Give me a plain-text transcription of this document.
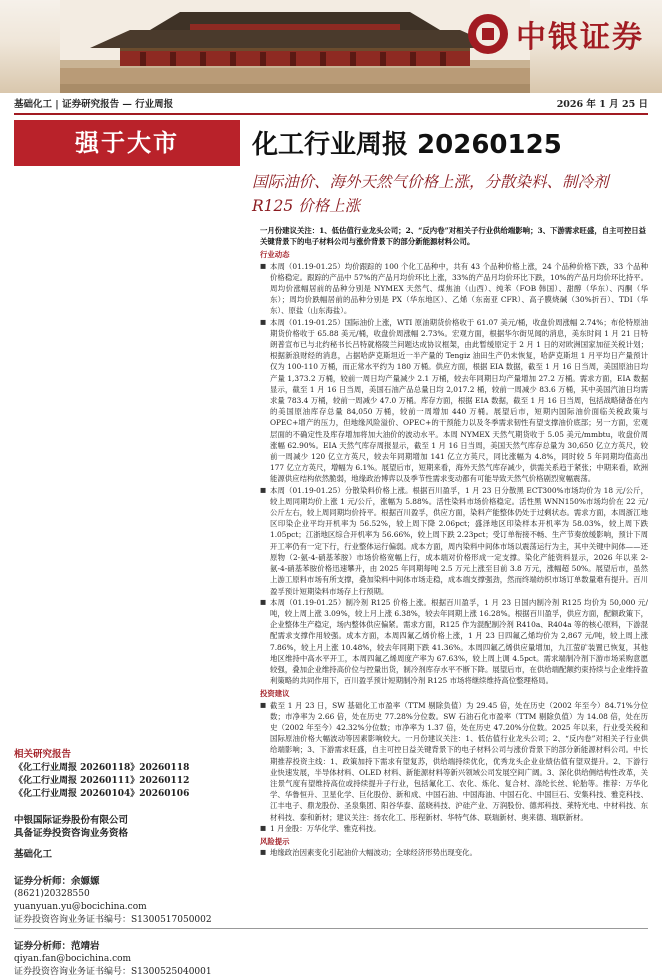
中银证券
基础化工 | 证券研究报告 — 行业周报	2026 年 1 月 25 日
强于大市	化工行业周报 20260125
国际油价、海外天然气价格上涨，分散染料、制冷剂 R125 价格上涨

一月份建议关注：1、低估值行业龙头公司；2、“反内卷”对相关子行业供给端影响；3、下游需求旺盛，自主可控日益关键背景下的电子材料公司与涨价背景下的部分新能源材料公司。

行业动态

■ 本周（01.19-01.25）均价跟踪的 100 个化工品种中，共有 43 个品种价格上涨，24 个品种价格下跌，33 个品种价格稳定。跟踪的产品中 57%的产品月均价环比上涨，33%的产品月均价环比下跌，10%的产品月均价环比持平。周均价涨幅居前的品种分别是 NYMEX 天然气、煤焦油（山西）、纯苯（FOB 韩国）、甜醇（华东）、丙酮（华东）；周均价跌幅居前的品种分别是 PX（华东地区）、乙烯（东南亚 CFR）、高子膜烧碱（30%折百）、TDI（华东）、原盐（山东海盐）。

■ 本周（01.19-01.25）国际油价上涨，WTI 原油期货价格收于 61.07 美元/桶，收盘价周涨幅 2.74%；布伦特原油期货价格收于 65.88 美元/桶，收盘价周涨幅 2.73%。宏观方面，根据华尔街见闻的消息，美东时间 1 月 21 日特朗普宣布已与北约秘书长吕特就格陵兰问题达成协议框架，由此暂缓原定于 2 月 1 日的对欧洲国家加征关税计划；根据新浪财经的消息，占据哈萨克斯坦近一半产量的 Tengiz 油田生产仍未恢复，哈萨克斯坦 1 月平均日产量预计仅为 100-110 万桶，而正常水平约为 180 万桶。供应方面，根据 EIA 数据，截至 1 月 16 日当周，美国原油日均产量 1,373.2 万桶，较前一周日均产量减少 2.1 万桶，较去年同期日均产量增加 27.2 万桶。需求方面，EIA 数据显示，截至 1 月 16 日当周，美国石油产品总量日均 2,017.2 桶，较前一周减少 83.6 万桶，其中美国汽油日均需求量 783.4 万桶，较前一周减少 47.0 万桶。库存方面，根据 EIA 数据，截至 1 月 16 日当周，包括战略储备在内的美国原油库存总量 84,050 万桶，较前一周增加 440 万桶。展望后市，短期内国际油价面临关税政策与 OPEC+增产的压力，但地缘风险溢价、OPEC+的干预能力以及冬季需求韧性有望支撑油价底部；另一方面，宏观层面的不确定性及库存增加将加大油价的波动水平。本周 NYMEX 天然气期货收于 5.05 美元/mmbtu，收盘价周涨幅 62.90%。EIA 天然气库存周报显示，截至 1 月 16 日当周，美国天然气库存总量为 30,650 亿立方英尺，较前一周减少 120 亿立方英尺，较去年同期增加 141 亿立方英尺，同比涨幅为 4.8%，同时较 5 年同期均值高出 177 亿立方英尺，增幅为 6.1%。展望后市，短期来看，海外天然气库存减少，供需关系趋于紧张；中期来看，欧洲能源供应结构依然脆弱，地缘政治博弈以及季节性需求变动都有可能导致天然气价格剧烈宽幅震荡。

■ 本周（01.19-01.25）分散染料价格上涨。根据百川盈孚，1 月 23 日分散黑 ECT300%市场均价为 18 元/公斤，较上周同期均价上涨 1 元/公斤，涨幅为 5.88%。活性染料市场价格稳定。活性黑 WNN150%市场均价在 22 元/公斤左右，较上周同期均价持平。根据百川盈孚，供应方面，染料产能整体仍处于过剩状态。需求方面，本周浙江地区印染企业平均开机率为 56.52%，较上周下降 2.06pct；盛泽地区印染样本开机率为 58.03%，较上周下跌 1.05pct；江浙地区综合开机率为 56.66%，较上周下跌 2.23pct；受订单衔接不畅、生产节奏放缓影响，预计下周开工率仍有一定下行，行业整体运行偏弱。成本方面，周内染料中间体市场以震荡运行为主，其中关键中间体——还原物（2-氨-4-硝基苯胺）市场价格宽幅上行，成本端对价格形成一定支撑。染化产能资料显示，2026 年以来 2-氨-4-硝基苯胺价格迅速攀升，由 2025 年同期每吨 2.5 万元上涨至目前 3.8 万元，涨幅超 50%。展望后市，虽然上游工原料市场有所支撑，叠加染料中间体市场走稳，成本端支撑强劲，然而终端纺织市场订单数量难有提升。百川盈孚预计短期染料市场存上行预期。

■ 本周（01.19-01.25）制冷剂 R125 价格上涨。根据百川盈孚，1 月 23 日国内制冷剂 R125 均价为 50,000 元/吨，较上周上涨 3.09%，较上月上涨 6.38%，较去年同期上涨 16.28%。根据百川盈孚，供应方面，配额政策下，企业整体生产稳定，场内整体供应偏紧。需求方面，R125 作为混配制冷剂 R410a、R404a 等的核心原料，下游混配需求支撑作用较强。成本方面，本周四氟乙烯价格上涨，1 月 23 日四氟乙烯均价为 2,867 元/吨，较上周上涨 7.86%，较上月上涨 10.48%，较去年同期下跌 41.36%。本周四氟乙烯供应量增加，九江萤矿装置已恢复，其他地区维持中高水平开工，本周四氟乙烯周度产率为 67.63%，较上周上调 4.5pct。需求端制冷剂下游市场采购意愿较强，叠加企业维持高价位与控量出货，制冷剂库存水平不断下降。展望后市，在供给端配额约束持续与企业维持盈利策略的共同作用下，百川盈孚预计短期制冷剂 R125 市场将继续维持高位整理格局。

投资建议

■ 截至 1 月 23 日，SW 基础化工市盈率（TTM 剔除负值）为 29.45 倍，处在历史（2002 年至今）84.71%分位数；市净率为 2.66 倍，处在历史 77.28%分位数。SW 石油石化市盈率（TTM 剔除负值）为 14.08 倍，处在历史（2002 年至今）42.32%分位数；市净率为 1.37 倍，处在历史 47.20%分位数。2025 年以来，行业受关税和国际原油价格大幅波动等因素影响较大。一月份建议关注：1、低估值行业龙头公司；2、“反内卷”对相关子行业供给端影响；3、下游需求旺盛，自主可控日益关键背景下的电子材料公司与涨价背景下的部分新能源材料公司。中长期推荐投资主线：1、政策加持下需求有望复苏，供给端持续优化，优秀龙头企业业绩估值有望双提升。2、下游行业快速发展，半导体材料、OLED 材料、新能源材料等新兴领域公司发展空间广阔。3、深化供给侧结构性改革，关注景气度有望维持高位或持续提升子行业，包括氟化工、农化、炼化、复合材、涤纶长丝、轮胎等。推荐：万华化学、华鲁恒升、卫星化学、巨化股份、新和成、中国石油、中国海油、中国石化、中国巨石、安集科技、雅克科技、江丰电子、鼎龙股份、圣泉集团、阳谷华泰、蓝晓科技、沪硅产业、万润股份、德邦科技、莱特光电、中材科技、东材科技、泰和新材；建议关注：扬农化工、彤程新材、华特气体、联瑞新材、奥来德、瑞联新材。

■ 1 月金股：万华化学、雅克科技。

风险提示

■ 地缘政治因素变化引起油价大幅波动；全球经济形势出现变化。

相关研究报告
《化工行业周报 20260118》20260118
《化工行业周报 20260111》20260112
《化工行业周报 20260104》20260106
中银国际证券股份有限公司
具备证券投资咨询业务资格
基础化工
证券分析师：余嫄嫄
(8621)20328550
yuanyuan.yu@bocichina.com
证券投资咨询业务证书编号：S1300517050002
证券分析师：范靖岩
qiyan.fan@bocichina.com
证券投资咨询业务证书编号：S1300525040001
